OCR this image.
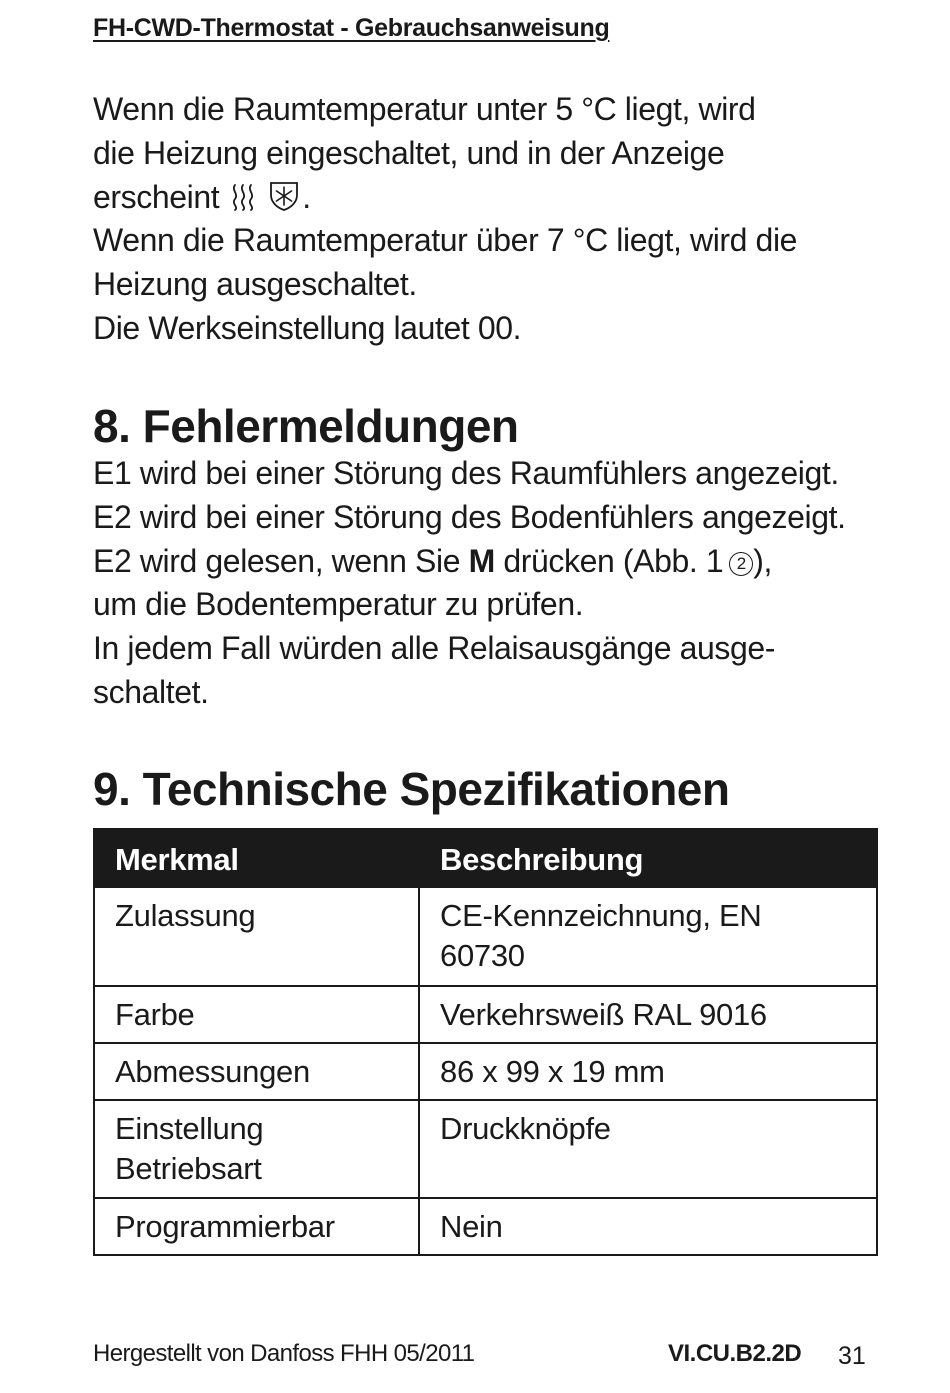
FH-CWD-Thermostat - Gebrauchsanweisung
Wenn die Raumtemperatur unter 5 °C liegt, wird
die Heizung eingeschaltet, und in der Anzeige
erscheint	.
Wenn die Raumtemperatur über 7 °C liegt, wird die
Heizung ausgeschaltet.
Die Werkseinstellung lautet 00.
8. Fehlermeldungen
E1 wird bei einer Störung des Raumfühlers angezeigt.
E2 wird bei einer Störung des Bodenfühlers angezeigt.
E2 wird gelesen, wenn Sie M drücken (Abb. 1 2 ),
um die Bodentemperatur zu prüfen.
In jedem Fall würden alle Relaisausgänge ausge-
schaltet.
9. Technische Spezifikationen
Merkmal	Beschreibung

Zulassung	CE-Kennzeichnung, EN
60730

Farbe	Verkehrsweiß RAL 9016

Abmessungen	86 x 99 x 19 mm

Einstellung
Betriebsart	Druckknöpfe

Programmierbar	Nein
Hergestellt von Danfoss FHH 05/2011	VI.CU.B2.2D 31
